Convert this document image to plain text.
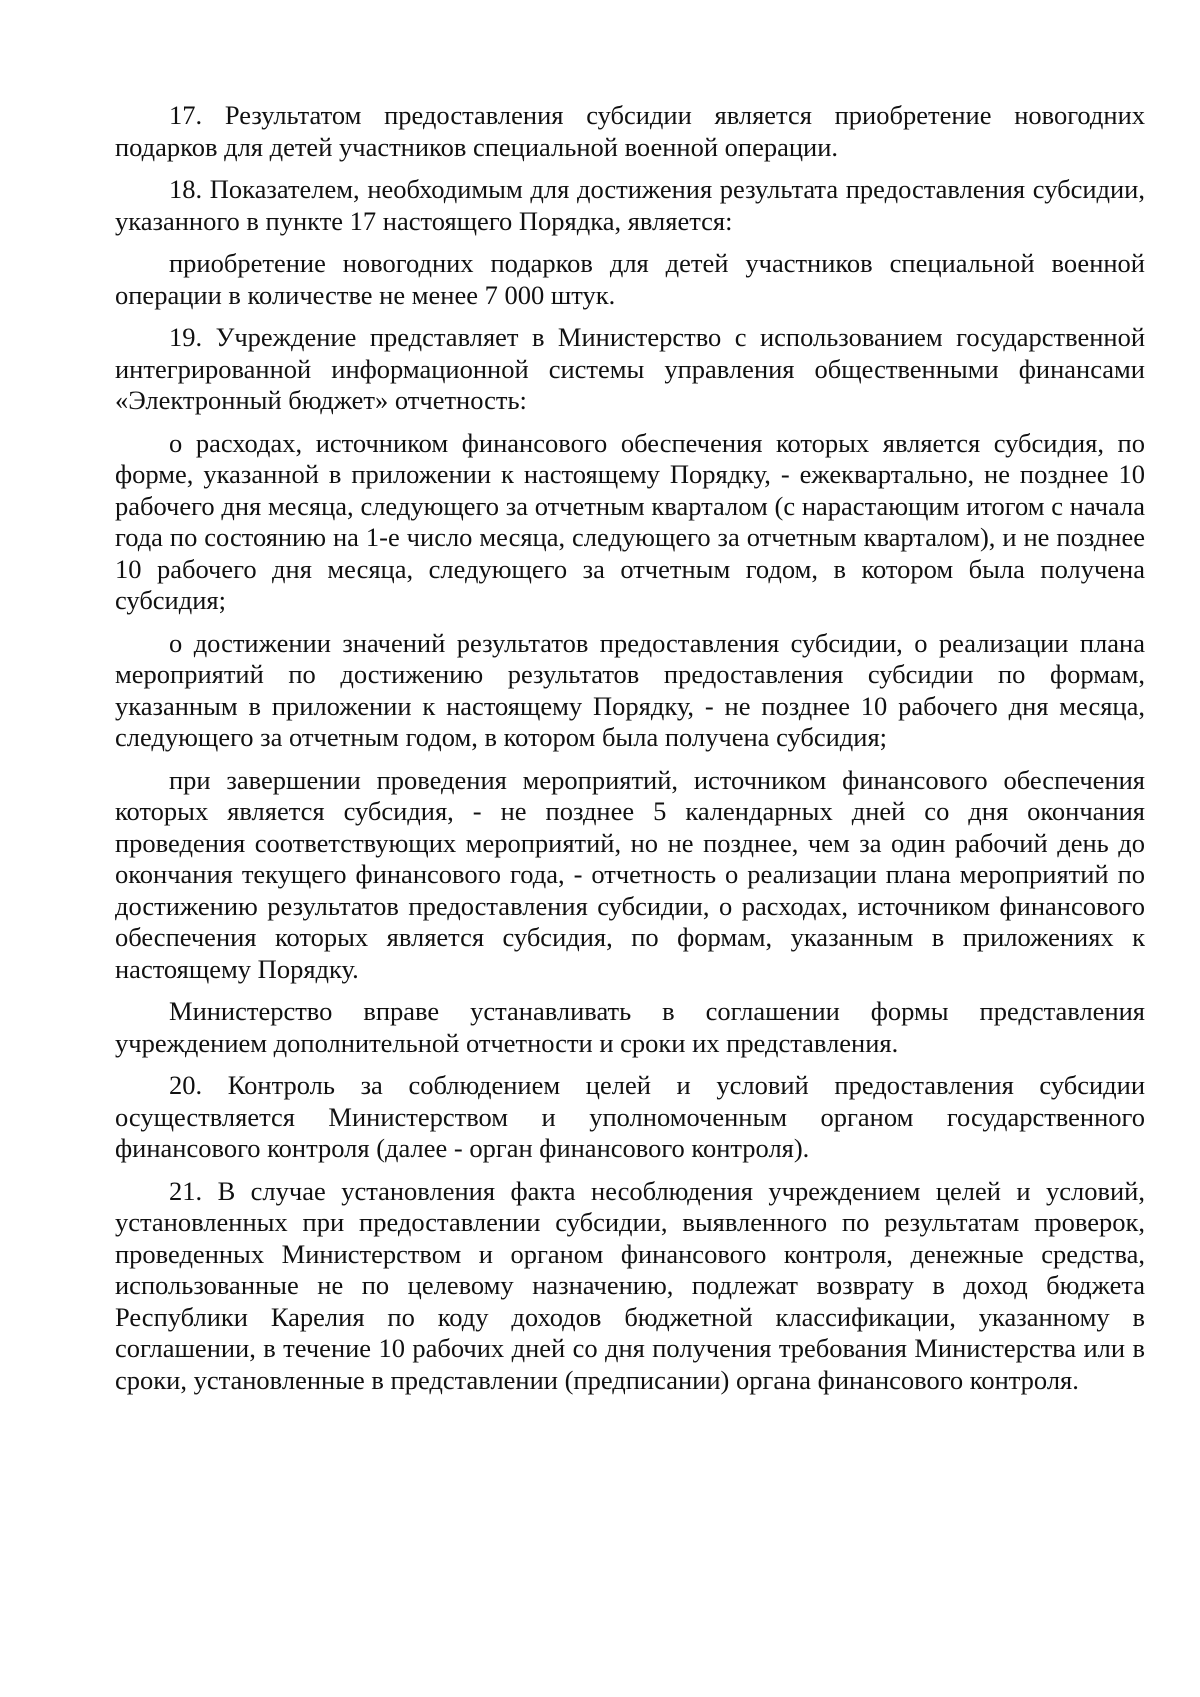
17. Результатом предоставления субсидии является приобретение новогодних подарков для детей участников специальной военной операции.

18. Показателем, необходимым для достижения результата предоставления субсидии, указанного в пункте 17 настоящего Порядка, является:

приобретение новогодних подарков для детей участников специальной военной операции в количестве не менее 7 000 штук.

19. Учреждение представляет в Министерство с использованием государственной интегрированной информационной системы управления общественными финансами «Электронный бюджет» отчетность:

о расходах, источником финансового обеспечения которых является субсидия, по форме, указанной в приложении к настоящему Порядку, - ежеквартально, не позднее 10 рабочего дня месяца, следующего за отчетным кварталом (с нарастающим итогом с начала года по состоянию на 1-е число месяца, следующего за отчетным кварталом), и не позднее 10 рабочего дня месяца, следующего за отчетным годом, в котором была получена субсидия;

о достижении значений результатов предоставления субсидии, о реализации плана мероприятий по достижению результатов предоставления субсидии по формам, указанным в приложении к настоящему Порядку, - не позднее 10 рабочего дня месяца, следующего за отчетным годом, в котором была получена субсидия;

при завершении проведения мероприятий, источником финансового обеспечения которых является субсидия, - не позднее 5 календарных дней со дня окончания проведения соответствующих мероприятий, но не позднее, чем за один рабочий день до окончания текущего финансового года, - отчетность о реализации плана мероприятий по достижению результатов предоставления субсидии, о расходах, источником финансового обеспечения которых является субсидия, по формам, указанным в приложениях к настоящему Порядку.

Министерство вправе устанавливать в соглашении формы представления учреждением дополнительной отчетности и сроки их представления.

20. Контроль за соблюдением целей и условий предоставления субсидии осуществляется Министерством и уполномоченным органом государственного финансового контроля (далее - орган финансового контроля).

21. В случае установления факта несоблюдения учреждением целей и условий, установленных при предоставлении субсидии, выявленного по результатам проверок, проведенных Министерством и органом финансового контроля, денежные средства, использованные не по целевому назначению, подлежат возврату в доход бюджета Республики Карелия по коду доходов бюджетной классификации, указанному в соглашении, в течение 10 рабочих дней со дня получения требования Министерства или в сроки, установленные в представлении (предписании) органа финансового контроля.
